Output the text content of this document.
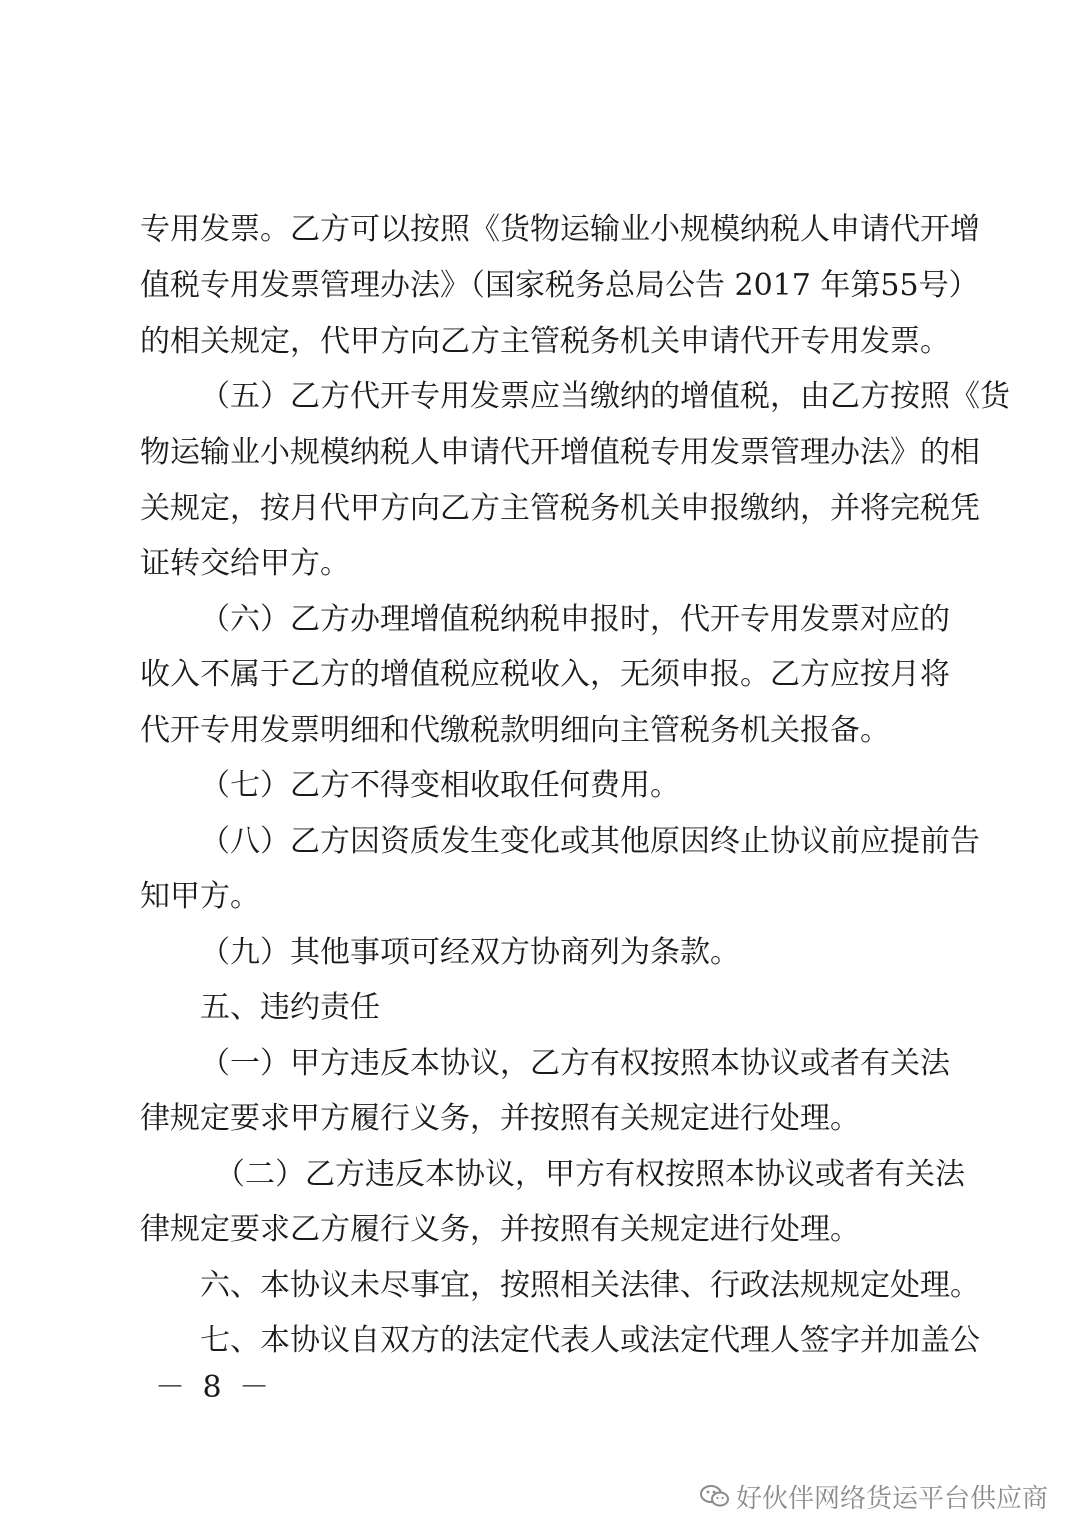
专用发票。乙方可以按照《货物运输业小规模纳税人申请代开增
值税专用发票管理办法》（国家税务总局公告 2017 年第55号）
的相关规定，代甲方向乙方主管税务机关申请代开专用发票。
（五）乙方代开专用发票应当缴纳的增值税，由乙方按照《货
物运输业小规模纳税人申请代开增值税专用发票管理办法》的相
关规定，按月代甲方向乙方主管税务机关申报缴纳，并将完税凭
证转交给甲方。
（六）乙方办理增值税纳税申报时，代开专用发票对应的
收入不属于乙方的增值税应税收入，无须申报。乙方应按月将
代开专用发票明细和代缴税款明细向主管税务机关报备。
（七）乙方不得变相收取任何费用。
（八）乙方因资质发生变化或其他原因终止协议前应提前告
知甲方。
（九）其他事项可经双方协商列为条款。
五、违约责任
（一）甲方违反本协议，乙方有权按照本协议或者有关法
律规定要求甲方履行义务，并按照有关规定进行处理。
（二）乙方违反本协议，甲方有权按照本协议或者有关法
律规定要求乙方履行义务，并按照有关规定进行处理。
六、本协议未尽事宜，按照相关法律、行政法规规定处理。
七、本协议自双方的法定代表人或法定代理人签字并加盖公
－ 8 －
好伙伴网络货运平台供应商
